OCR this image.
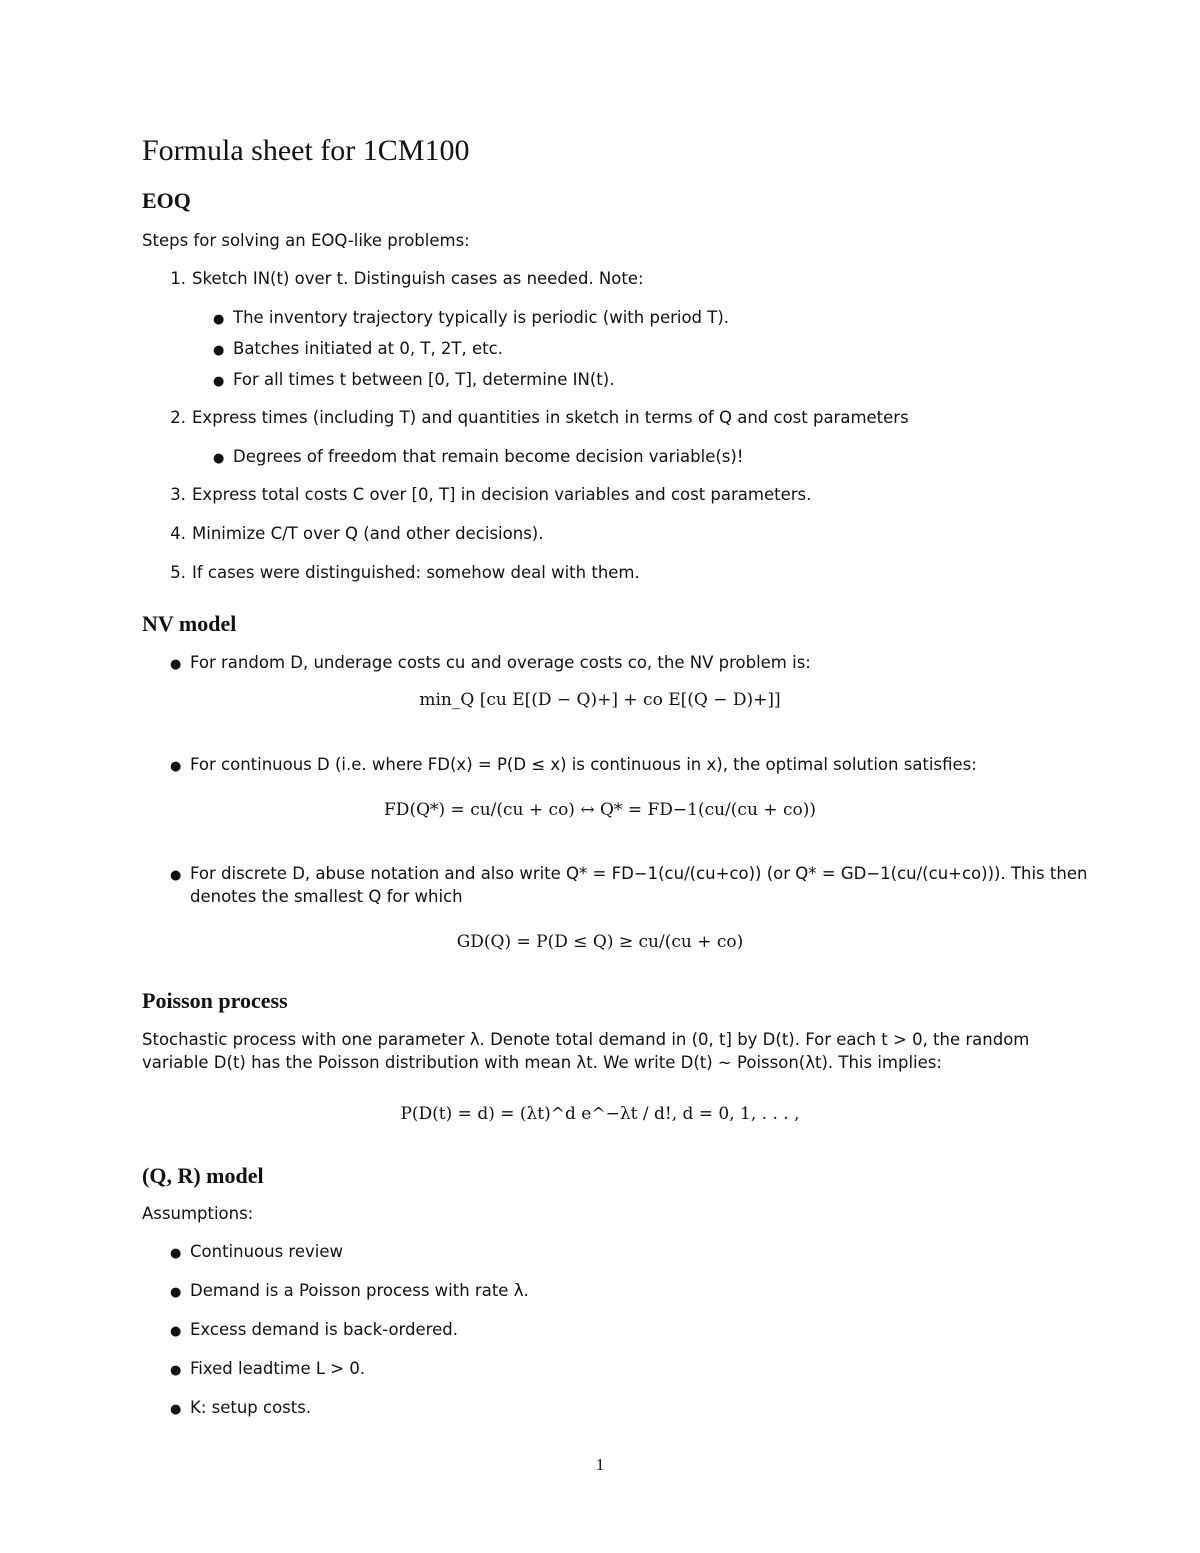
Formula sheet for 1CM100
EOQ
Steps for solving an EOQ-like problems:
1. Sketch IN(t) over t. Distinguish cases as needed. Note:
● The inventory trajectory typically is periodic (with period T).
● Batches initiated at 0, T, 2T, etc.
● For all times t between [0, T], determine IN(t).
2. Express times (including T) and quantities in sketch in terms of Q and cost parameters
● Degrees of freedom that remain become decision variable(s)!
3. Express total costs C over [0, T] in decision variables and cost parameters.
4. Minimize C/T over Q (and other decisions).
5. If cases were distinguished: somehow deal with them.
NV model
● For random D, underage costs cu and overage costs co, the NV problem is:
min_Q [cu E[(D − Q)+] + co E[(Q − D)+]]
● For continuous D (i.e. where FD(x) = P(D ≤ x) is continuous in x), the optimal solution satisfies:
FD(Q*) = cu/(cu + co) ↔ Q* = FD−1(cu/(cu + co))
● For discrete D, abuse notation and also write Q* = FD−1(cu/(cu+co)) (or Q* = GD−1(cu/(cu+co))). This then
denotes the smallest Q for which
GD(Q) = P(D ≤ Q) ≥ cu/(cu + co)
Poisson process
Stochastic process with one parameter λ. Denote total demand in (0, t] by D(t). For each t > 0, the random
variable D(t) has the Poisson distribution with mean λt. We write D(t) ∼ Poisson(λt). This implies:
P(D(t) = d) = (λt)^d e^−λt / d!, d = 0, 1, . . . ,
(Q, R) model
Assumptions:
● Continuous review
● Demand is a Poisson process with rate λ.
● Excess demand is back-ordered.
● Fixed leadtime L > 0.
● K: setup costs.
1
